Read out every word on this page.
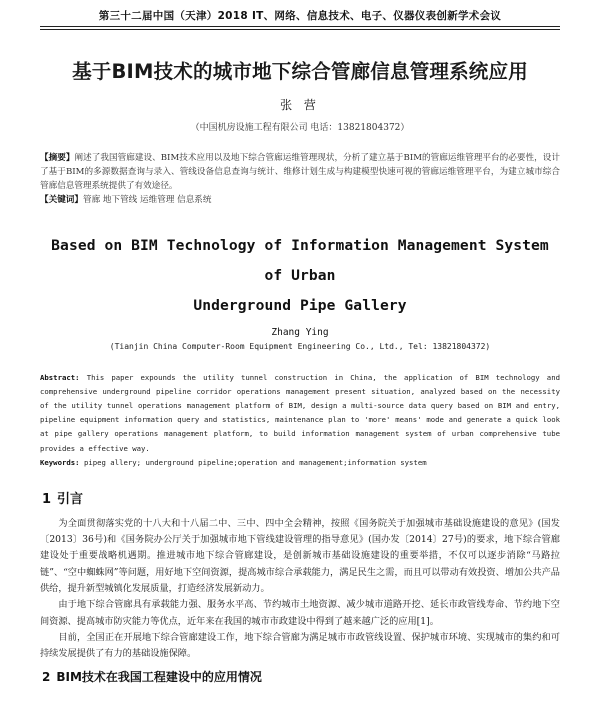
第三十二届中国（天津）2018 IT、网络、信息技术、电子、仪器仪表创新学术会议
基于BIM技术的城市地下综合管廊信息管理系统应用
张 营
（中国机房设施工程有限公司 电话：13821804372）
【摘要】阐述了我国管廊建设、BIM技术应用以及地下综合管廊运维管理现状，分析了建立基于BIM的管廊运维管理平台的必要性，设计了基于BIM的多源数据查询与录入、管线设备信息查询与统计、维修计划生成与构建模型快速可视的管廊运维管理平台，为建立城市综合管廊信息管理系统提供了有效途径。
【关键词】管廊 地下管线 运维管理 信息系统
Based on BIM Technology of Information Management System of Urban
Underground Pipe Gallery
Zhang Ying
(Tianjin China Computer-Room Equipment Engineering Co., Ltd., Tel: 13821804372)
Abstract: This paper expounds the utility tunnel construction in China, the application of BIM technology and comprehensive underground pipeline corridor operations management present situation, analyzed based on the necessity of the utility tunnel operations management platform of BIM, design a multi-source data query based on BIM and entry, pipeline equipment information query and statistics, maintenance plan to 'more' means' mode and generate a quick look at pipe gallery operations management platform, to build information management system of urban comprehensive tube provides a effective way.
Keywords: pipeg allery; underground pipeline;operation and management;information system
1 引言

为全面贯彻落实党的十八大和十八届二中、三中、四中全会精神，按照《国务院关于加强城市基础设施建设的意见》(国发〔2013〕36号)和《国务院办公厅关于加强城市地下管线建设管理的指导意见》(国办发〔2014〕27号)的要求，地下综合管廊建设处于重要战略机遇期。推进城市地下综合管廊建设，是创新城市基础设施建设的重要举措，不仅可以逐步消除“马路拉链”、“空中蜘蛛网”等问题，用好地下空间资源，提高城市综合承载能力，满足民生之需，而且可以带动有效投资、增加公共产品供给，提升新型城镇化发展质量，打造经济发展新动力。

由于地下综合管廊具有承载能力强、服务水平高、节约城市土地资源、减少城市道路开挖、延长市政管线寿命、节约地下空间资源、提高城市防灾能力等优点，近年来在我国的城市市政建设中得到了越来越广泛的应用[1]。

目前，全国正在开展地下综合管廊建设工作，地下综合管廊为满足城市市政管线设置、保护城市环境、实现城市的集约和可持续发展提供了有力的基础设施保障。

2 BIM技术在我国工程建设中的应用情况
